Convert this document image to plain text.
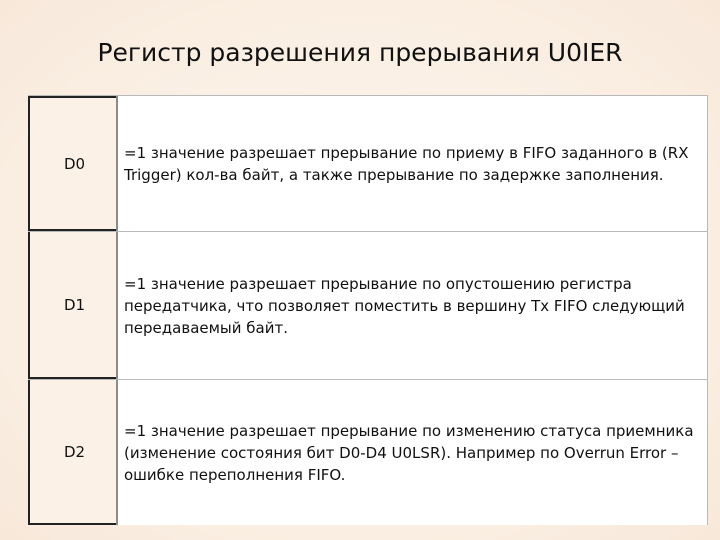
Регистр разрешения прерывания U0IER
D0
=1 значение разрешает прерывание по приему в FIFO заданного в (RX Trigger) кол-ва байт, а также прерывание по задержке заполнения.
D1
=1 значение разрешает прерывание по опустошению регистра передатчика, что позволяет поместить в вершину Tx FIFO следующий передаваемый байт.
D2
=1 значение разрешает прерывание по изменению статуса приемника (изменение состояния бит D0-D4 U0LSR). Например по Overrun Error – ошибке переполнения FIFO.
